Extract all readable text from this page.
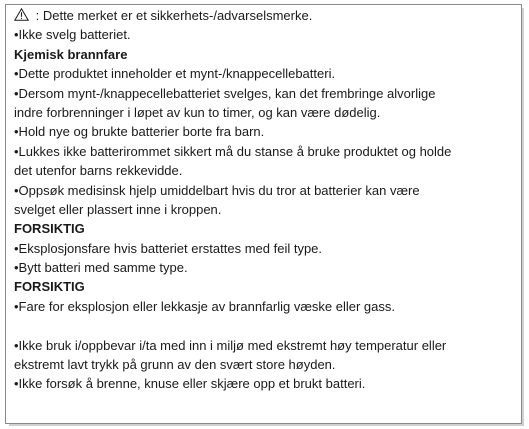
: Dette merket er et sikkerhets-/advarselsmerke.
•Ikke svelg batteriet.
Kjemisk brannfare
•Dette produktet inneholder et mynt-/knappecellebatteri.
•Dersom mynt-/knappecellebatteriet svelges, kan det frembringe alvorlige
indre forbrenninger i løpet av kun to timer, og kan være dødelig.
•Hold nye og brukte batterier borte fra barn.
•Lukkes ikke batterirommet sikkert må du stanse å bruke produktet og holde
det utenfor barns rekkevidde.
•Oppsøk medisinsk hjelp umiddelbart hvis du tror at batterier kan være
svelget eller plassert inne i kroppen.
FORSIKTIG
•Eksplosjonsfare hvis batteriet erstattes med feil type.
•Bytt batteri med samme type.
FORSIKTIG
•Fare for eksplosjon eller lekkasje av brannfarlig væske eller gass.
•Ikke bruk i/oppbevar i/ta med inn i miljø med ekstremt høy temperatur eller
ekstremt lavt trykk på grunn av den svært store høyden.
•Ikke forsøk å brenne, knuse eller skjære opp et brukt batteri.
